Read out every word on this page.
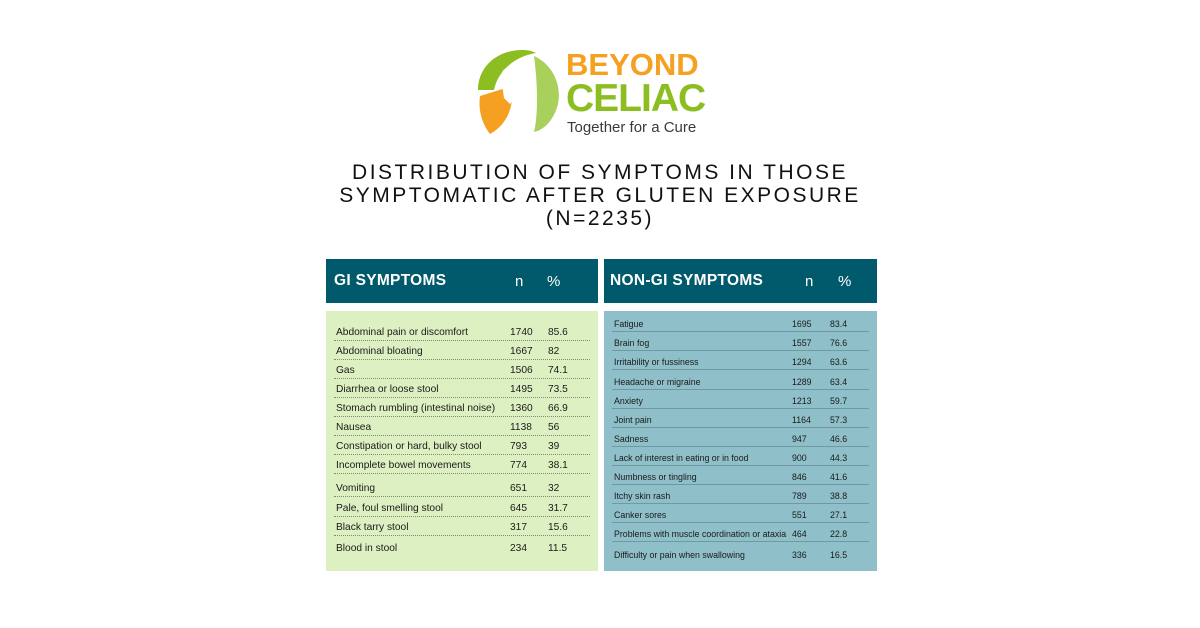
BEYOND
CELIAC
Together for a Cure
DISTRIBUTION OF SYMPTOMS IN THOSE
SYMPTOMATIC AFTER GLUTEN EXPOSURE
(N=2235)
GI SYMPTOMS	n %	NON-GI SYMPTOMS	n %
Abdominal pain or discomfort	1740 85.6
Abdominal bloating	1667 82
Gas	1506 74.1
Diarrhea or loose stool	1495 73.5
Stomach rumbling (intestinal noise) 1360 66.9
Nausea	1138 56
Constipation or hard, bulky stool	793 39
Incomplete bowel movements	774 38.1
Vomiting	651 32
Pale, foul smelling stool	645 31.7
Black tarry stool	317 15.6
Blood in stool	234 11.5
Fatigue	1695 83.4
Brain fog	1557 76.6
Irritability or fussiness	1294 63.6
Headache or migraine	1289 63.4
Anxiety	1213 59.7
Joint pain	1164 57.3
Sadness	947	46.6
Lack of interest in eating or in food	900	44.3
Numbness or tingling	846	41.6
Itchy skin rash	789	38.8
Canker sores	551	27.1
Problems with muscle coordination or ataxia 464	22.8
Difficulty or pain when swallowing	336	16.5
